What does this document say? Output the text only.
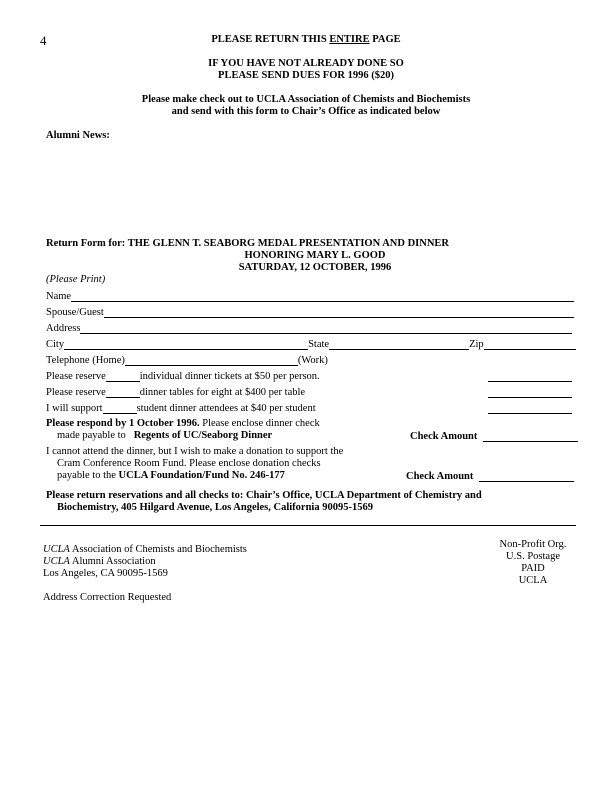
4	PLEASE RETURN THIS ENTIRE PAGE
IF YOU HAVE NOT ALREADY DONE SO
PLEASE SEND DUES FOR 1996 ($20)
Please make check out to UCLA Association of Chemists and Biochemists
and send with this form to Chair’s Office as indicated below
Alumni News:
Return Form for: THE GLENN T. SEABORG MEDAL PRESENTATION AND DINNER
HONORING MARY L. GOOD
SATURDAY, 12 OCTOBER, 1996
(Please Print)
Name
Spouse/Guest
Address
City	State	Zip
Telephone (Home)	(Work)
Please reserve	individual dinner tickets at $50 per person.
Please reserve	dinner tables for eight at $400 per table
I will support	student dinner attendees at $40 per student
Please respond by 1 October 1996. Please enclose dinner check
made payable to Regents of UC/Seaborg Dinner	Check Amount
I cannot attend the dinner, but I wish to make a donation to support the
Cram Conference Room Fund. Please enclose donation checks
payable to the UCLA Foundation/Fund No. 246-177	Check Amount
Please return reservations and all checks to: Chair’s Office, UCLA Department of Chemistry and
Biochemistry, 405 Hilgard Avenue, Los Angeles, California 90095-1569
UCLA Association of Chemists and Biochemists
UCLA Alumni Association
Los Angeles, CA 90095-1569
Address Correction Requested
Non-Profit Org.
U.S. Postage
PAID
UCLA
